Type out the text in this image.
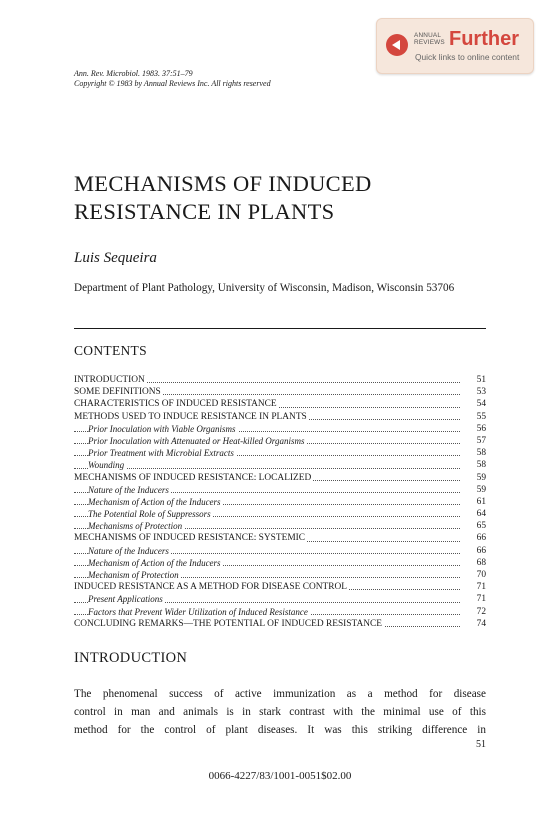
ANNUAL
REVIEWS Further
Quick links to online content
Ann. Rev. Microbiol. 1983. 37:51–79
Copyright © 1983 by Annual Reviews Inc. All rights reserved
MECHANISMS OF INDUCED
RESISTANCE IN PLANTS
Luis Sequeira
Department of Plant Pathology, University of Wisconsin, Madison, Wisconsin 53706
CONTENTS
INTRODUCTION	51
SOME DEFINITIONS	53
CHARACTERISTICS OF INDUCED RESISTANCE	54
METHODS USED TO INDUCE RESISTANCE IN PLANTS	55
Prior Inoculation with Viable Organisms	56
Prior Inoculation with Attenuated or Heat-killed Organisms	57
Prior Treatment with Microbial Extracts	58
Wounding	58
MECHANISMS OF INDUCED RESISTANCE: LOCALIZED	59
Nature of the Inducers	59
Mechanism of Action of the Inducers	61
The Potential Role of Suppressors	64
Mechanisms of Protection	65
MECHANISMS OF INDUCED RESISTANCE: SYSTEMIC	66
Nature of the Inducers	66
Mechanism of Action of the Inducers	68
Mechanism of Protection	70
INDUCED RESISTANCE AS A METHOD FOR DISEASE CONTROL	71
Present Applications	71
Factors that Prevent Wider Utilization of Induced Resistance	72
CONCLUDING REMARKS—THE POTENTIAL OF INDUCED RESISTANCE	74
INTRODUCTION
The phenomenal success of active immunization as a method for disease
control in man and animals is in stark contrast with the minimal use of this
method for the control of plant diseases. It was this striking difference in
51
0066-4227/83/1001-0051$02.00
